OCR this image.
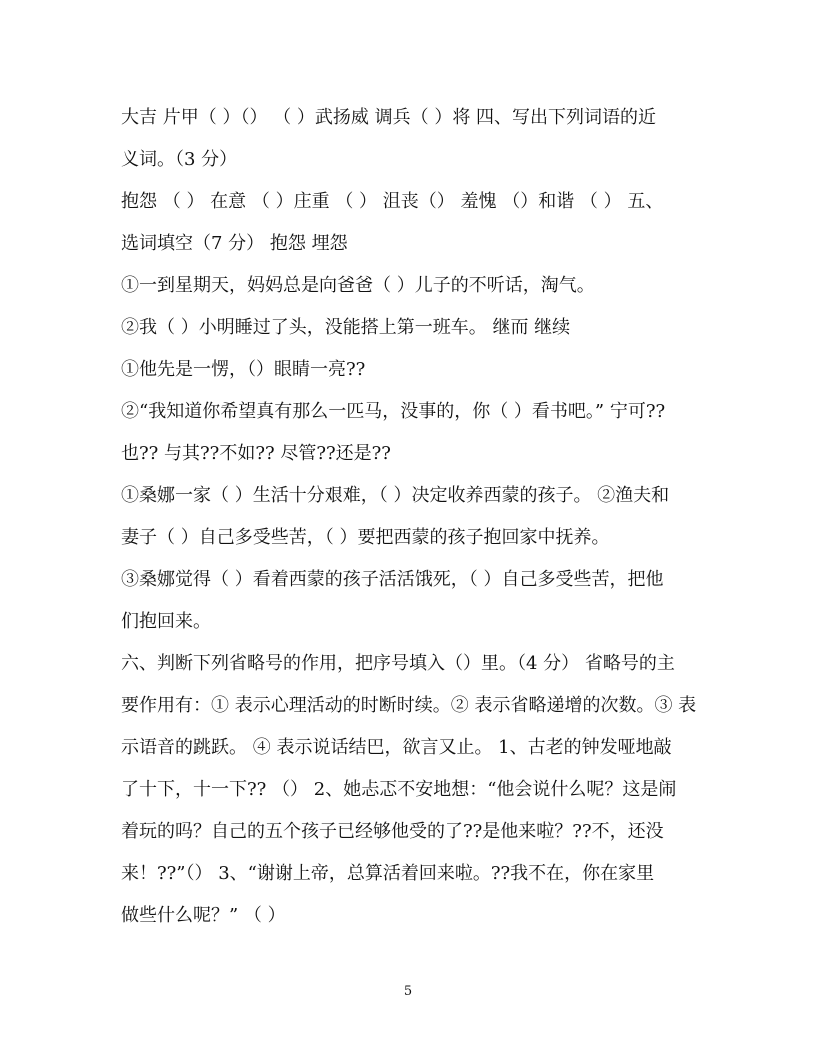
大吉 片甲（ ）（） （ ）武扬威 调兵（ ）将 四、写出下列词语的近
义词。（3 分）
抱怨 （ ） 在意 （ ）庄重 （ ） 沮丧（） 羞愧 （）和谐 （ ） 五、
选词填空（7 分） 抱怨 埋怨
①一到星期天，妈妈总是向爸爸（ ）儿子的不听话，淘气。
②我（ ）小明睡过了头，没能搭上第一班车。 继而 继续
①他先是一愣，（）眼睛一亮??
②“我知道你希望真有那么一匹马，没事的，你（ ）看书吧。” 宁可??
也?? 与其??不如?? 尽管??还是??
①桑娜一家（ ）生活十分艰难，（ ）决定收养西蒙的孩子。 ②渔夫和
妻子（ ）自己多受些苦，（ ）要把西蒙的孩子抱回家中抚养。
③桑娜觉得（ ）看着西蒙的孩子活活饿死，（ ）自己多受些苦，把他
们抱回来。
六、判断下列省略号的作用，把序号填入（）里。（4 分） 省略号的主
要作用有：① 表示心理活动的时断时续。② 表示省略递增的次数。③ 表
示语音的跳跃。 ④ 表示说话结巴，欲言又止。 1、古老的钟发哑地敲
了十下，十一下?? （） 2、她忐忑不安地想：“他会说什么呢？这是闹
着玩的吗？自己的五个孩子已经够他受的了??是他来啦？??不，还没
来！??”（） 3、“谢谢上帝，总算活着回来啦。??我不在，你在家里
做些什么呢？” （ ）
5
